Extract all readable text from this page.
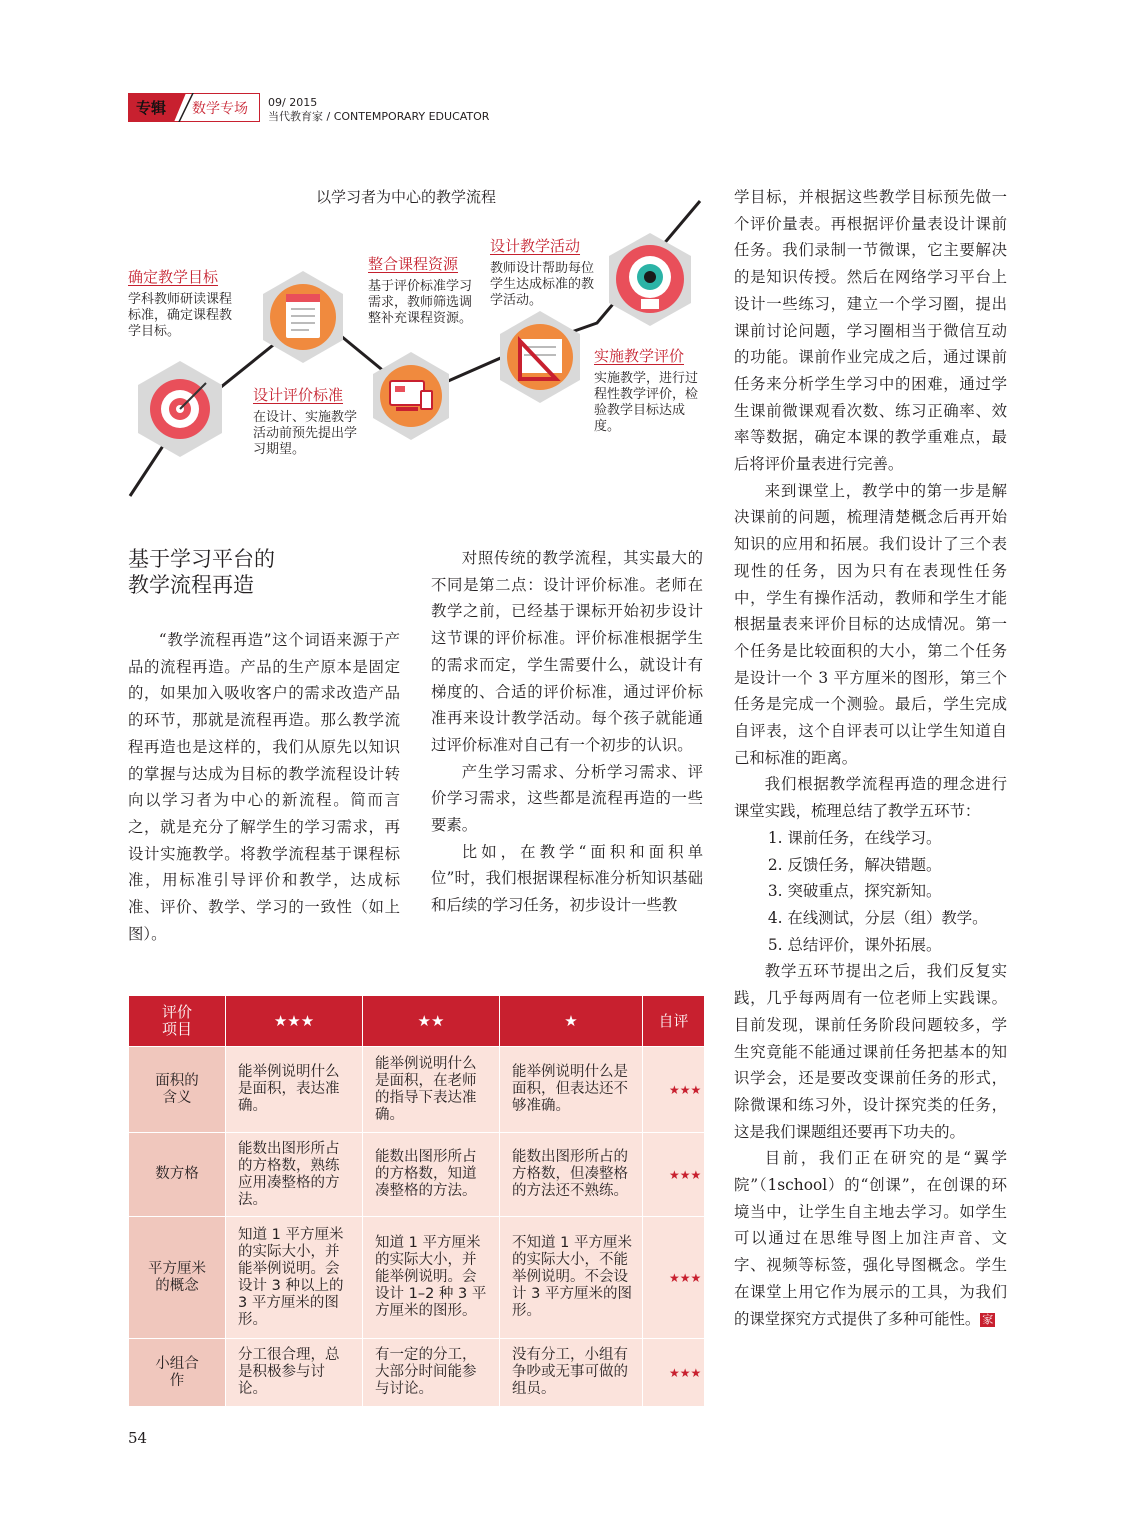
专辑 数学专场 09/ 2015
当代教育家 / CONTEMPORARY EDUCATOR
以学习者为中心的教学流程
确定教学目标
学科教师研读课程标准，确定课程教学目标。
设计评价标准
在设计、实施教学活动前预先提出学习期望。
整合课程资源
基于评价标准学习需求，教师筛选调整补充课程资源。
设计教学活动
教师设计帮助每位学生达成标准的教学活动。
实施教学评价
实施教学，进行过程性教学评价，检验教学目标达成度。
基于学习平台的
教学流程再造

“教学流程再造”这个词语来源于产品的流程再造。产品的生产原本是固定的，如果加入吸收客户的需求改造产品的环节，那就是流程再造。那么教学流程再造也是这样的，我们从原先以知识的掌握与达成为目标的教学流程设计转向以学习者为中心的新流程。简而言之，就是充分了解学生的学习需求，再设计实施教学。将教学流程基于课程标准，用标准引导评价和教学，达成标准、评价、教学、学习的一致性（如上图）。

对照传统的教学流程，其实最大的不同是第二点：设计评价标准。老师在教学之前，已经基于课标开始初步设计这节课的评价标准。评价标准根据学生的需求而定，学生需要什么，就设计有梯度的、合适的评价标准，通过评价标准再来设计教学活动。每个孩子就能通过评价标准对自己有一个初步的认识。

产生学习需求、分析学习需求、评价学习需求，这些都是流程再造的一些要素。

比如，在教学“面积和面积单位”时，我们根据课程标准分析知识基础和后续的学习任务，初步设计一些教

学目标，并根据这些教学目标预先做一个评价量表。再根据评价量表设计课前任务。我们录制一节微课，它主要解决的是知识传授。然后在网络学习平台上设计一些练习，建立一个学习圈，提出课前讨论问题，学习圈相当于微信互动的功能。课前作业完成之后，通过课前任务来分析学生学习中的困难，通过学生课前微课观看次数、练习正确率、效率等数据，确定本课的教学重难点，最后将评价量表进行完善。

来到课堂上，教学中的第一步是解决课前的问题，梳理清楚概念后再开始知识的应用和拓展。我们设计了三个表现性的任务，因为只有在表现性任务中，学生有操作活动，教师和学生才能根据量表来评价目标的达成情况。第一个任务是比较面积的大小，第二个任务是设计一个 3 平方厘米的图形，第三个任务是完成一个测验。最后，学生完成自评表，这个自评表可以让学生知道自己和标准的距离。

我们根据教学流程再造的理念进行课堂实践，梳理总结了教学五环节：

1. 课前任务，在线学习。

2. 反馈任务，解决错题。

3. 突破重点，探究新知。

4. 在线测试，分层（组）教学。

5. 总结评价，课外拓展。

教学五环节提出之后，我们反复实践，几乎每两周有一位老师上实践课。目前发现，课前任务阶段问题较多，学生究竟能不能通过课前任务把基本的知识学会，还是要改变课前任务的形式，除微课和练习外，设计探究类的任务，这是我们课题组还要再下功夫的。

目前，我们正在研究的是“翼学院”（1school）的“创课”，在创课的环境当中，让学生自主地去学习。如学生可以通过在思维导图上加注声音、文字、视频等标签，强化导图概念。学生在课堂上用它作为展示的工具，为我们的课堂探究方式提供了多种可能性。 家

评价项目	★★★	★★	★	自评
面积的含义	能举例说明什么是面积，表达准确。	能举例说明什么是面积，在老师的指导下表达准确。	能举例说明什么是面积，但表达还不够准确。	★★★
数方格	能数出图形所占的方格数，熟练应用凑整格的方法。	能数出图形所占的方格数，知道凑整格的方法。	能数出图形所占的方格数，但凑整格的方法还不熟练。	★★★
平方厘米的概念	知道 1 平方厘米的实际大小，并能举例说明。会设计 3 种以上的 3 平方厘米的图形。	知道 1 平方厘米的实际大小，并能举例说明。会设计 1–2 种 3 平方厘米的图形。	不知道 1 平方厘米的实际大小，不能举例说明。不会设计 3 平方厘米的图形。	★★★
小组合作	分工很合理，总是积极参与讨论。	有一定的分工，大部分时间能参与讨论。	没有分工，小组有争吵或无事可做的组员。	★★★
54
